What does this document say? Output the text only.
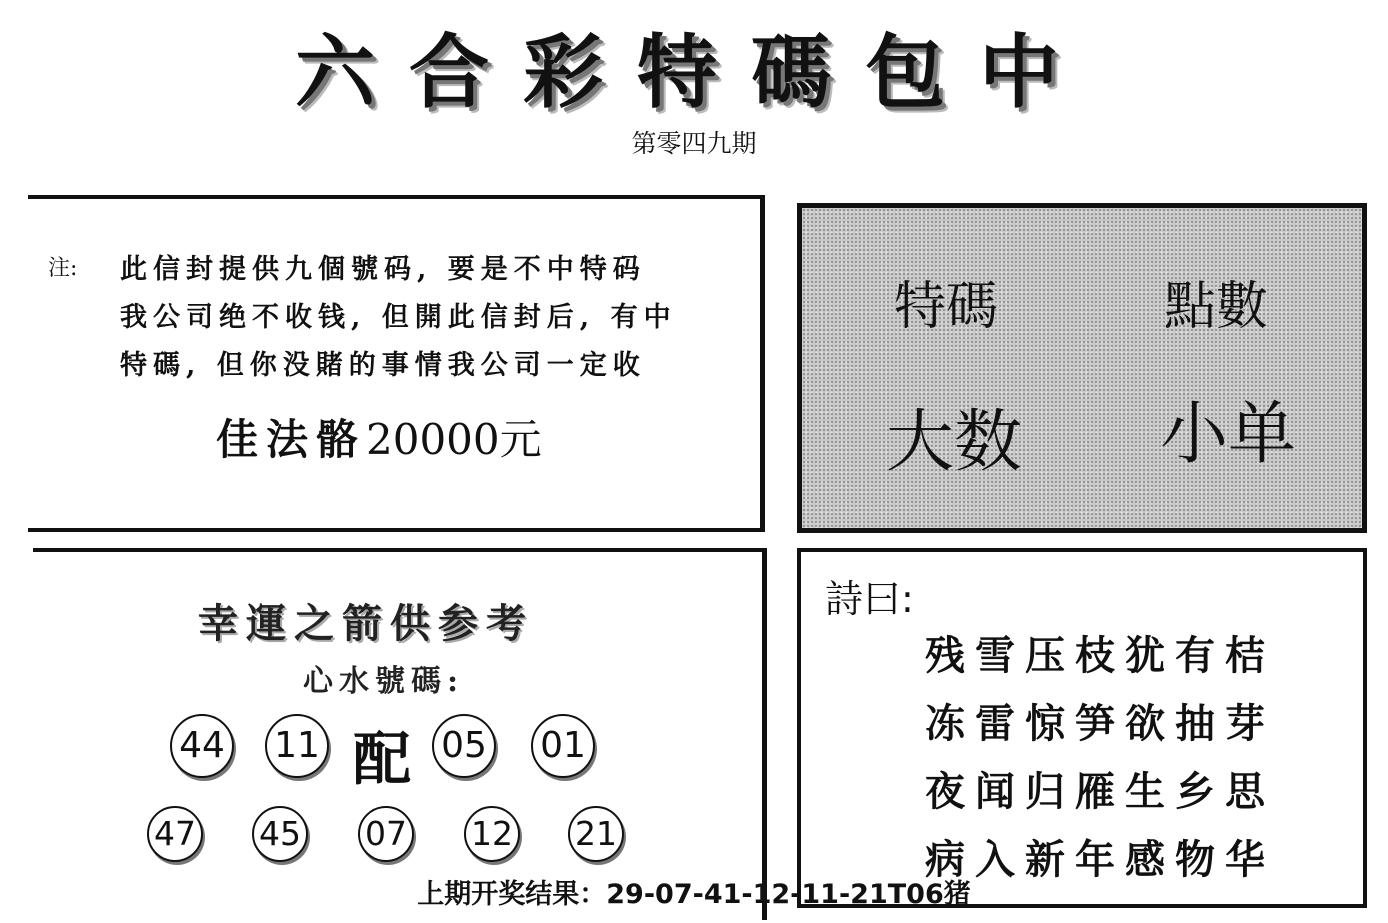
六合彩特碼包中
第零四九期
注: 此信封提供九個號码, 要是不中特码
我公司绝不收钱, 但開此信封后, 有中
特碼, 但你没賭的事情我公司一定收
佳法骼20000元
特碼	點數
大数 小单
幸運之箭供参考
心水號碼:
44 11 配 05 01
47 45 07 12 21
詩曰:
残雪压枝犹有桔
冻雷惊笋欲抽芽
夜闻归雁生乡思
病入新年感物华
上期开奖结果：29-07-41-12-11-21T06猪
